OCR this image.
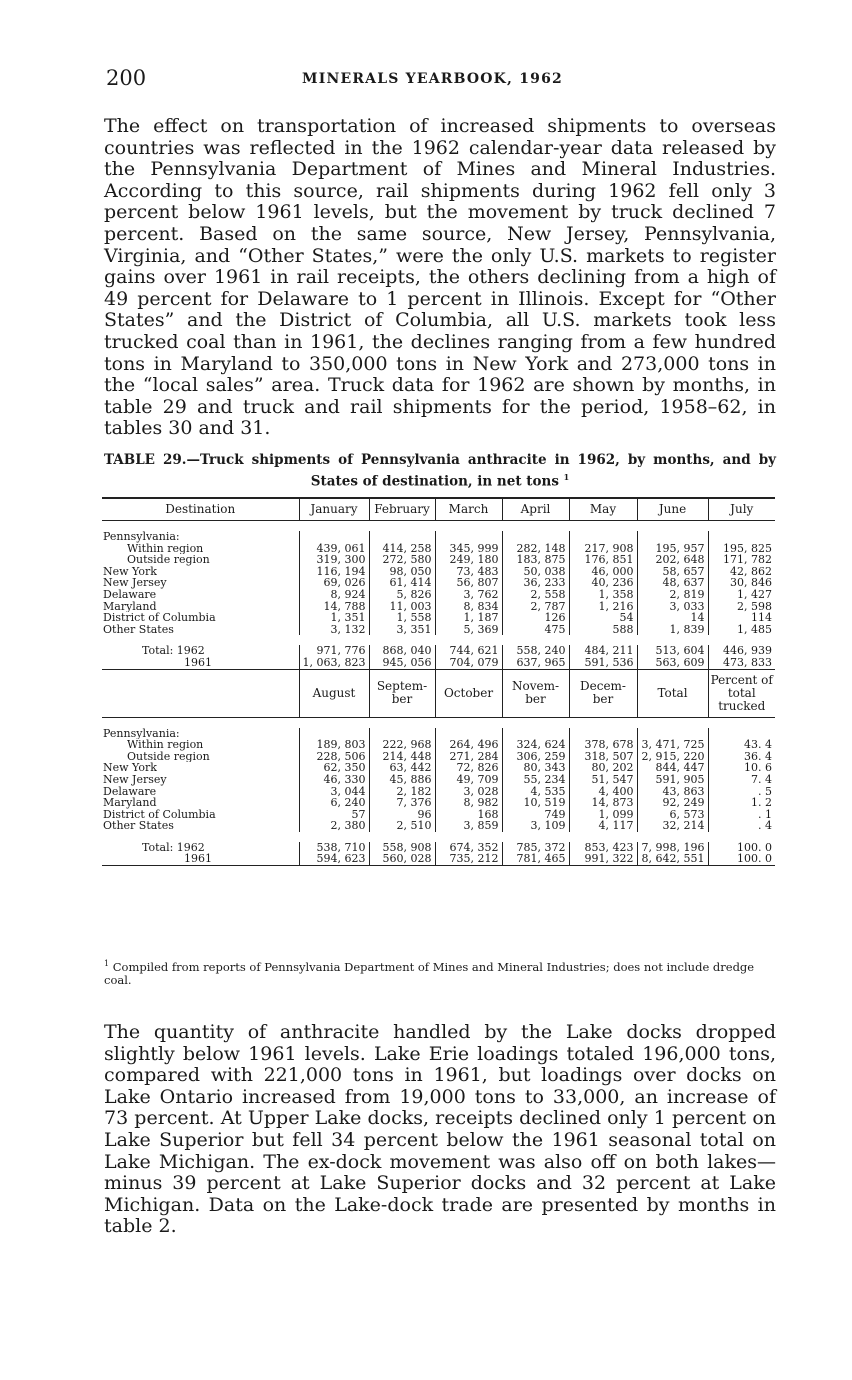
200	MINERALS YEARBOOK, 1962
The effect on transportation of increased shipments to overseas countries was reflected in the 1962 calendar-year data released by the Pennsylvania Department of Mines and Mineral Industries. According to this source, rail shipments during 1962 fell only 3 percent below 1961 levels, but the movement by truck declined 7 percent. Based on the same source, New Jersey, Pennsylvania, Virginia, and “Other States,” were the only U.S. markets to register gains over 1961 in rail receipts, the others declining from a high of 49 percent for Delaware to 1 percent in Illinois. Except for “Other States” and the District of Columbia, all U.S. markets took less trucked coal than in 1961, the declines ranging from a few hundred tons in Maryland to 350,000 tons in New York and 273,000 tons in the “local sales” area. Truck data for 1962 are shown by months, in table 29 and truck and rail shipments for the period, 1958–62, in tables 30 and 31.
TABLE 29.—Truck shipments of Pennsylvania anthracite in 1962, by months, and by States of destination, in net tons $^1$
Destination	January	February	March	April	May	June	July

Pennsylvania:							
Within region	439, 061	414, 258	345, 999	282, 148	217, 908	195, 957	195, 825
Outside region	319, 300	272, 580	249, 180	183, 875	176, 851	202, 648	171, 782
New York	116, 194	98, 050	73, 483	50, 038	46, 000	58, 657	42, 862
New Jersey	69, 026	61, 414	56, 807	36, 233	40, 236	48, 637	30, 846
Delaware	8, 924	5, 826	3, 762	2, 558	1, 358	2, 819	1, 427
Maryland	14, 788	11, 003	8, 834	2, 787	1, 216	3, 033	2, 598
District of Columbia	1, 351	1, 558	1, 187	126	54	14	114
Other States	3, 132	3, 351	5, 369	475	588	1, 839	1, 485

Total: 1962	971, 776	868, 040	744, 621	558, 240	484, 211	513, 604	446, 939
1961	1, 063, 823	945, 056	704, 079	637, 965	591, 536	563, 609	473, 833
	August	Septem-ber	October	Novem-ber	Decem-ber	Total	Percent of total trucked

Pennsylvania:							
Within region	189, 803	222, 968	264, 496	324, 624	378, 678	3, 471, 725	43. 4
Outside region	228, 506	214, 448	271, 284	306, 259	318, 507	2, 915, 220	36. 4
New York	62, 350	63, 442	72, 826	80, 343	80, 202	844, 447	10. 6
New Jersey	46, 330	45, 886	49, 709	55, 234	51, 547	591, 905	7. 4
Delaware	3, 044	2, 182	3, 028	4, 535	4, 400	43, 863	. 5
Maryland	6, 240	7, 376	8, 982	10, 519	14, 873	92, 249	1. 2
District of Columbia	57	96	168	749	1, 099	6, 573	. 1
Other States	2, 380	2, 510	3, 859	3, 109	4, 117	32, 214	. 4

Total: 1962	538, 710	558, 908	674, 352	785, 372	853, 423	7, 998, 196	100. 0
1961	594, 623	560, 028	735, 212	781, 465	991, 322	8, 642, 551	100. 0
$^1$ Compiled from reports of Pennsylvania Department of Mines and Mineral Industries; does not include dredge coal.
The quantity of anthracite handled by the Lake docks dropped slightly below 1961 levels. Lake Erie loadings totaled 196,000 tons, compared with 221,000 tons in 1961, but loadings over docks on Lake Ontario increased from 19,000 tons to 33,000, an increase of 73 percent. At Upper Lake docks, receipts declined only 1 percent on Lake Superior but fell 34 percent below the 1961 seasonal total on Lake Michigan. The ex-dock movement was also off on both lakes—minus 39 percent at Lake Superior docks and 32 percent at Lake Michigan. Data on the Lake-dock trade are presented by months in table 2.
